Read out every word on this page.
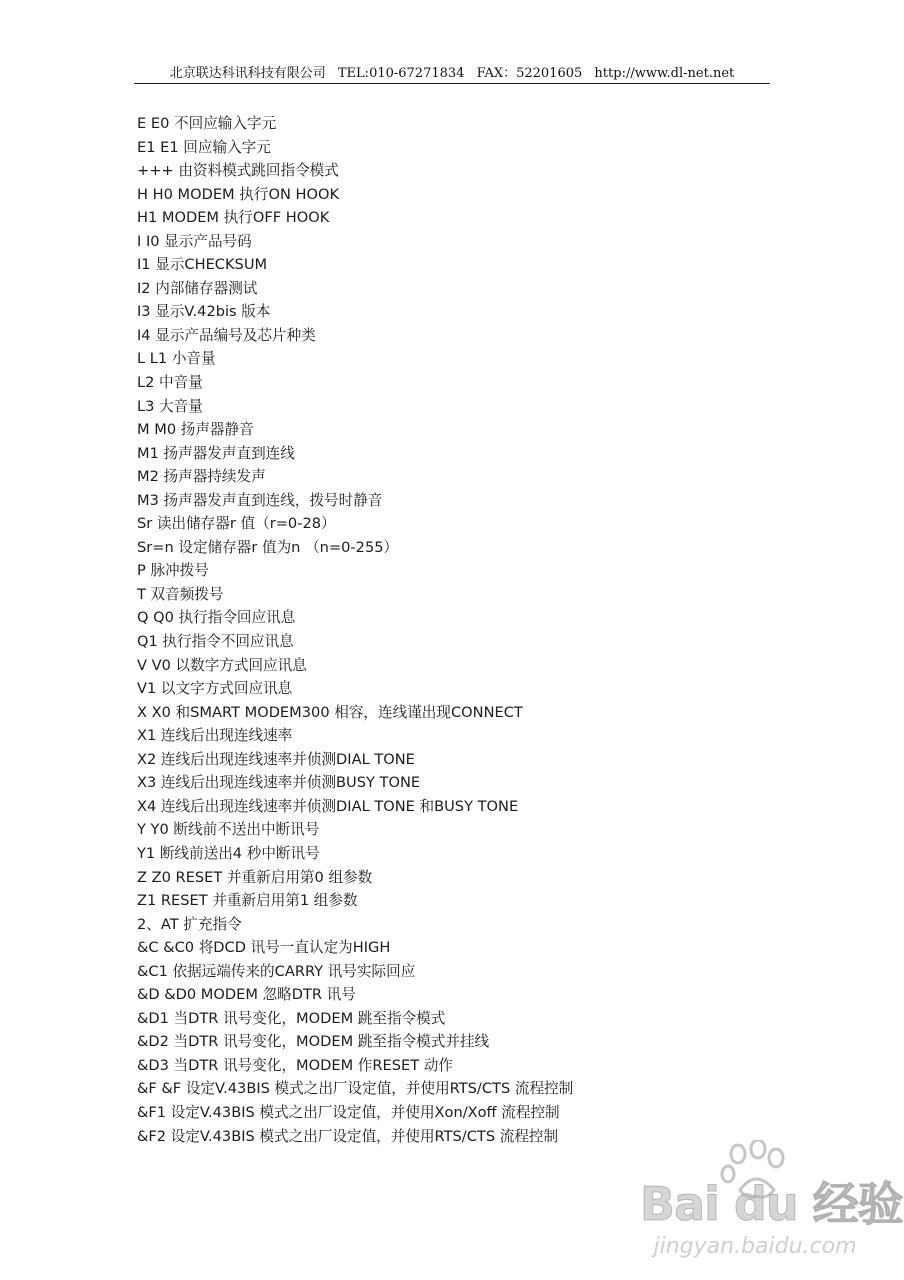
北京联达科讯科技有限公司 TEL:010-67271834 FAX：52201605 http://www.dl-net.net
E E0 不回应输入字元
E1 E1 回应输入字元
+++ 由资料模式跳回指令模式
H H0 MODEM 执行ON HOOK
H1 MODEM 执行OFF HOOK
I I0 显示产品号码
I1 显示CHECKSUM
I2 内部储存器测试
I3 显示V.42bis 版本
I4 显示产品编号及芯片种类
L L1 小音量
L2 中音量
L3 大音量
M M0 扬声器静音
M1 扬声器发声直到连线
M2 扬声器持续发声
M3 扬声器发声直到连线，拨号时静音
Sr 读出储存器r 值（r=0-28）
Sr=n 设定储存器r 值为n （n=0-255）
P 脉冲拨号
T 双音频拨号
Q Q0 执行指令回应讯息
Q1 执行指令不回应讯息
V V0 以数字方式回应讯息
V1 以文字方式回应讯息
X X0 和SMART MODEM300 相容，连线谨出现CONNECT
X1 连线后出现连线速率
X2 连线后出现连线速率并侦测DIAL TONE
X3 连线后出现连线速率并侦测BUSY TONE
X4 连线后出现连线速率并侦测DIAL TONE 和BUSY TONE
Y Y0 断线前不送出中断讯号
Y1 断线前送出4 秒中断讯号
Z Z0 RESET 并重新启用第0 组参数
Z1 RESET 并重新启用第1 组参数
2、AT 扩充指令
&C &C0 将DCD 讯号一直认定为HIGH
&C1 依据远端传来的CARRY 讯号实际回应
&D &D0 MODEM 忽略DTR 讯号
&D1 当DTR 讯号变化，MODEM 跳至指令模式
&D2 当DTR 讯号变化，MODEM 跳至指令模式并挂线
&D3 当DTR 讯号变化，MODEM 作RESET 动作
&F &F 设定V.43BIS 模式之出厂设定值，并使用RTS/CTS 流程控制
&F1 设定V.43BIS 模式之出厂设定值，并使用Xon/Xoff 流程控制
&F2 设定V.43BIS 模式之出厂设定值，并使用RTS/CTS 流程控制
Bai du 经验
jingyan.baidu.com
